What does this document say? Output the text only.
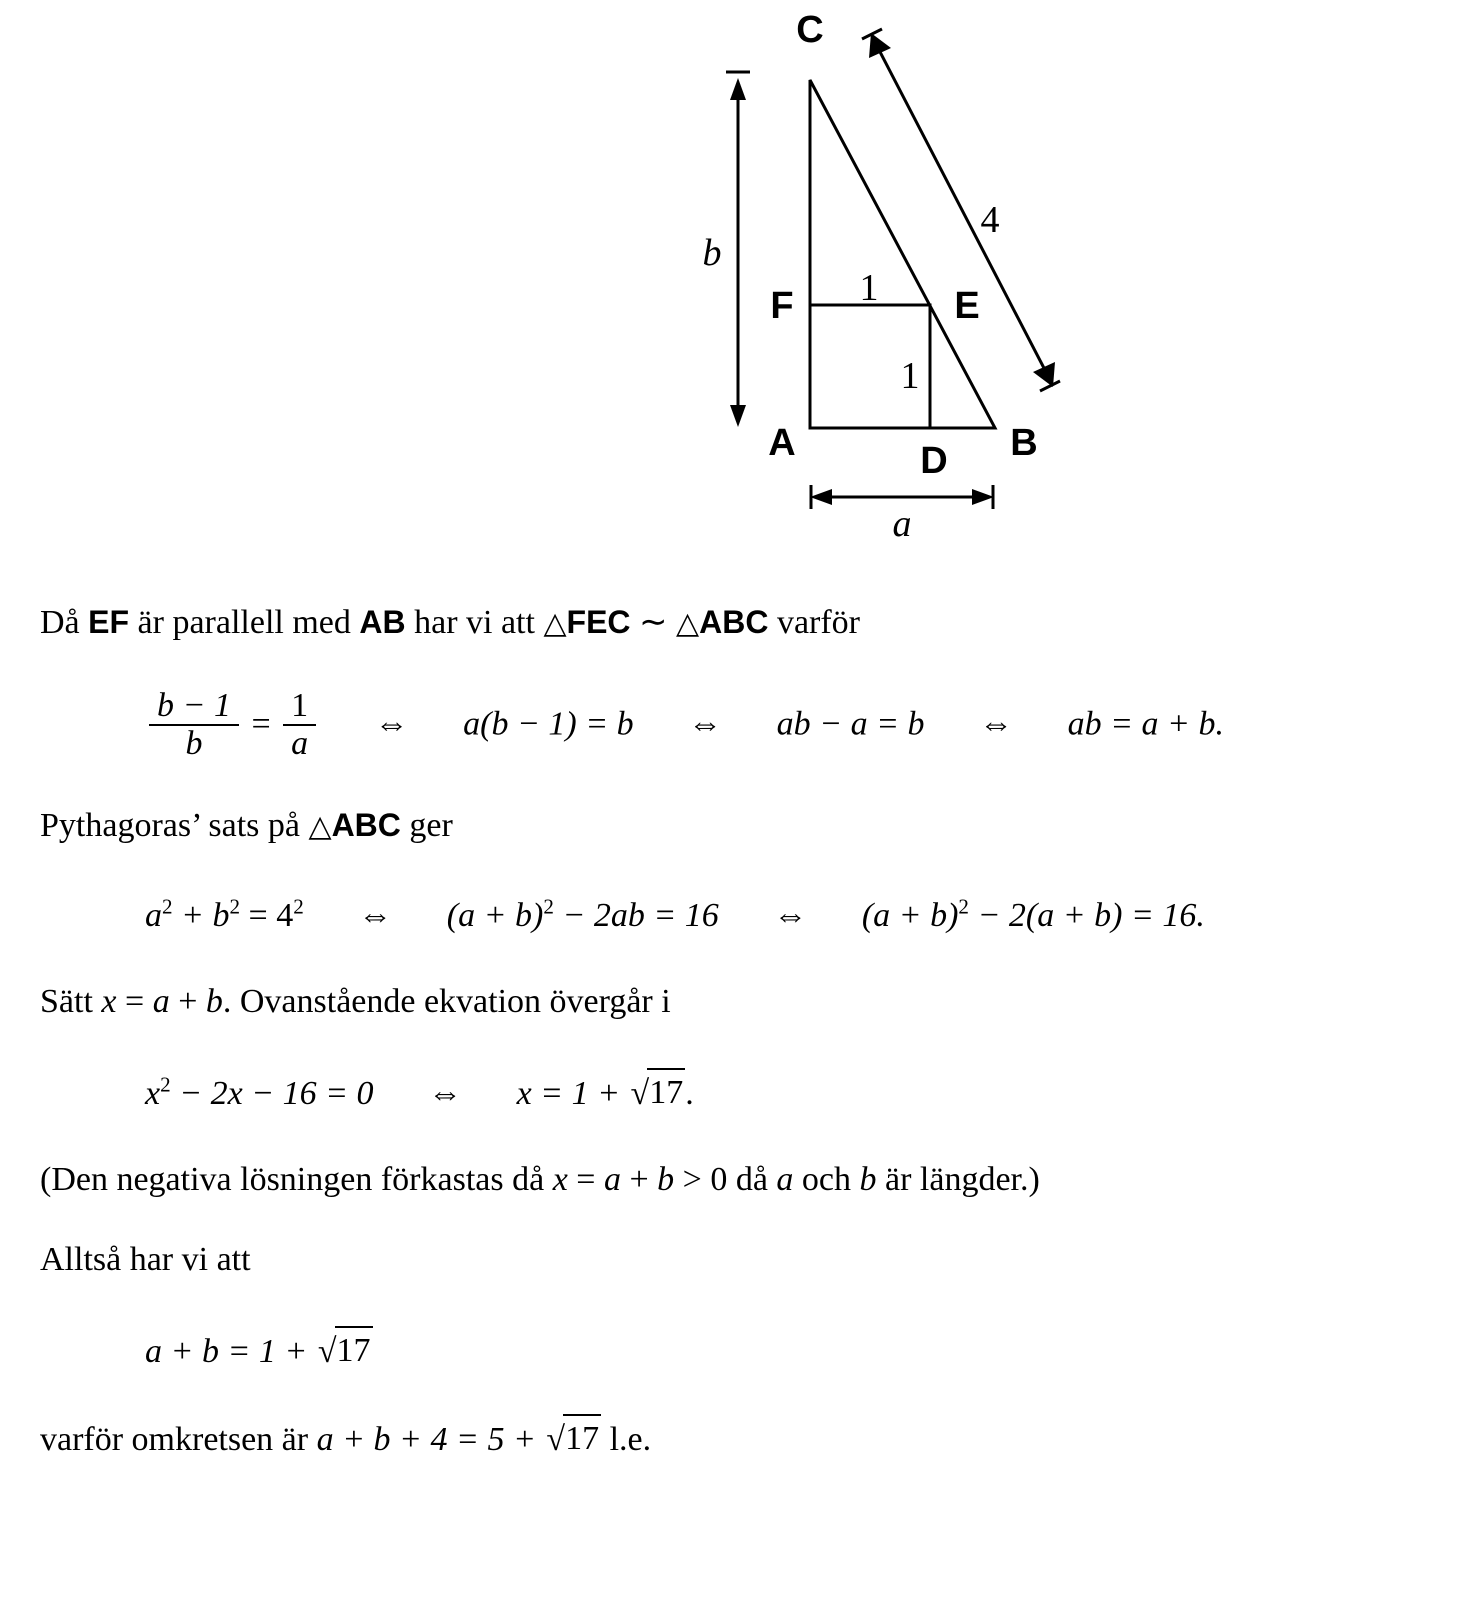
C
F	E
A	D B
b
a
4
1
1

Då EF är parallell med AB har vi att △FEC ∼ △ABC varför

$\frac{b - 1}{b} = \frac{1}{a}$ ⇔ a(b − 1) = b ⇔ ab − a = b ⇔ ab = a + b.

Pythagoras’ sats på △ABC ger

$a^2 + b^2 = 4^2$ ⇔ $(a + b)^2 - 2ab = 16$ ⇔ $(a + b)^2 - 2(a + b) = 16$.

Sätt x = a + b. Ovanstående ekvation övergår i

$x^2 - 2x - 16 = 0$ ⇔ x = 1 + √17.

(Den negativa lösningen förkastas då x = a + b > 0 då a och b är längder.)

Alltså har vi att

a + b = 1 + √17

varför omkretsen är a + b + 4 = 5 + √17 l.e.
